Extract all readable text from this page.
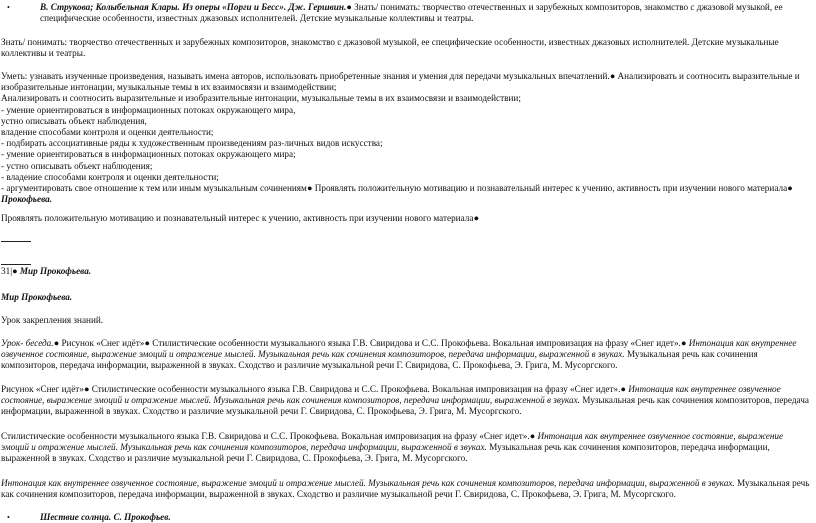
•	В. Струкова; Колыбельная Клары. Из оперы «Порги и Бесс». Дж. Гершвин.● Знать/ понимать: творчество отечественных и зарубежных композиторов, знакомство с джазовой музыкой, ее специфические особенности, известных джазовых исполнителей. Детские музыкальные коллективы и театры.

Знать/ понимать: творчество отечественных и зарубежных композиторов, знакомство с джазовой музыкой, ее специфические особенности, известных джазовых исполнителей. Детские музыкальные коллективы и театры.

Уметь: узнавать изученные произведения, называть имена авторов, использовать приобретенные знания и умения для передачи музыкальных впечатлений.● Анализировать и соотносить выразительные и изобразительные интонации, музыкальные темы в их взаимосвязи и взаимодействии;
Анализировать и соотносить выразительные и изобразительные интонации, музыкальные темы в их взаимосвязи и взаимодействии;
- умение ориентироваться в информационных потоках окружающего мира,
устно описывать объект наблюдения,
владение способами контроля и оценки деятельности;
- подбирать ассоциативные ряды к художественным произведениям раз-личных видов искусства;
- умение ориентироваться в информационных потоках окружающего мира;
- устно описывать объект наблюдения;
- владение способами контроля и оценки деятельности;
- аргументировать свое отношение к тем или иным музыкальным сочинениям● Проявлять положительную мотивацию и познавательный интерес к учению, активность при изучении нового материала●
Прокофьева.

Проявлять положительную мотивацию и познавательный интерес к учению, активность при изучении нового материала●

31|● Мир Прокофьева.

Мир Прокофьева.

Урок закрепления знаний.

Урок- беседа.● Рисунок «Снег идёт»● Стилистические особенности музыкального языка Г.В. Свиридова и С.С. Прокофьева. Вокальная импровизация на фразу «Снег идет».● Интонация как внутреннее озвученное состояние, выражение эмоций и отражение мыслей. Музыкальная речь как сочинения композиторов, передача информации, выраженной в звуках. Музыкальная речь как сочинения композиторов, передача информации, выраженной в звуках. Сходство и различие музыкальной речи Г. Свиридова, С. Прокофьева, Э. Грига, М. Мусоргского.

Рисунок «Снег идёт»● Стилистические особенности музыкального языка Г.В. Свиридова и С.С. Прокофьева. Вокальная импровизация на фразу «Снег идет».● Интонация как внутреннее озвученное состояние, выражение эмоций и отражение мыслей. Музыкальная речь как сочинения композиторов, передача информации, выраженной в звуках. Музыкальная речь как сочинения композиторов, передача информации, выраженной в звуках. Сходство и различие музыкальной речи Г. Свиридова, С. Прокофьева, Э. Грига, М. Мусоргского.

Стилистические особенности музыкального языка Г.В. Свиридова и С.С. Прокофьева. Вокальная импровизация на фразу «Снег идет».● Интонация как внутреннее озвученное состояние, выражение эмоций и отражение мыслей. Музыкальная речь как сочинения композиторов, передача информации, выраженной в звуках. Музыкальная речь как сочинения композиторов, передача информации, выраженной в звуках. Сходство и различие музыкальной речи Г. Свиридова, С. Прокофьева, Э. Грига, М. Мусоргского.

Интонация как внутреннее озвученное состояние, выражение эмоций и отражение мыслей. Музыкальная речь как сочинения композиторов, передача информации, выраженной в звуках. Музыкальная речь как сочинения композиторов, передача информации, выраженной в звуках. Сходство и различие музыкальной речи Г. Свиридова, С. Прокофьева, Э. Грига, М. Мусоргского.

•	Шествие солнца. С. Прокофьев.
